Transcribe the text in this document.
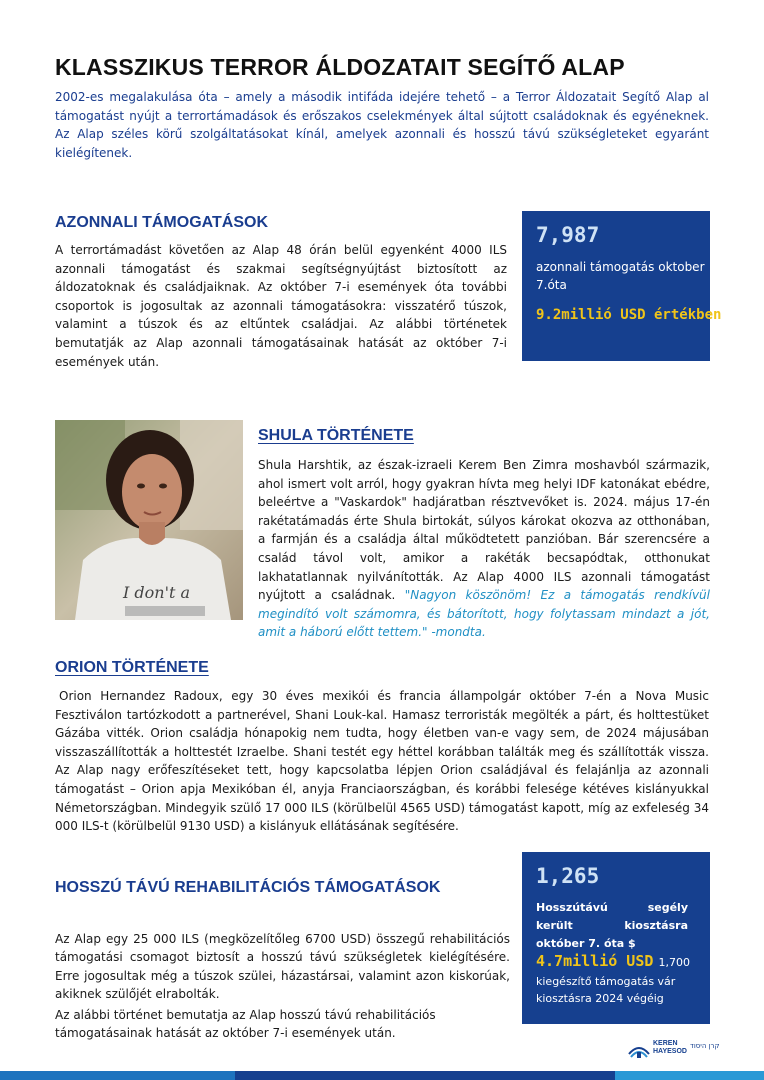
KLASSZIKUS TERROR ÁLDOZATAIT SEGÍTŐ ALAP

2002-es megalakulása óta – amely a második intifáda idejére tehető – a Terror Áldozatait Segítő Alap al támogatást nyújt a terrortámadások és erőszakos cselekmények által sújtott családoknak és egyéneknek. Az Alap széles körű szolgáltatásokat kínál, amelyek azonnali és hosszú távú szükségleteket egyaránt kielégítenek.

AZONNALI TÁMOGATÁSOK

A terrortámadást követően az Alap 48 órán belül egyenként 4000 ILS azonnali támogatást és szakmai segítségnyújtást biztosított az áldozatoknak és családjaiknak. Az október 7-i események óta további csoportok is jogosultak az azonnali támogatásokra: visszatérő túszok, valamint a túszok és az eltűntek családjai. Az alábbi történetek bemutatják az Alap azonnali támogatásainak hatását az október 7-i események után.

7,987
azonnali támogatás oktober 7.óta
9.2millió USD értékben
I don't a
SHULA TÖRTÉNETE

Shula Harshtik, az észak-izraeli Kerem Ben Zimra moshavból származik, ahol ismert volt arról, hogy gyakran hívta meg helyi IDF katonákat ebédre, beleértve a "Vaskardok" hadjáratban résztvevőket is. 2024. május 17-én rakétatámadás érte Shula birtokát, súlyos károkat okozva az otthonában, a farmján és a családja által működtetett panzióban. Bár szerencsére a család távol volt, amikor a rakéták becsapódtak, otthonukat lakhatatlannak nyilvánították. Az Alap 4000 ILS azonnali támogatást nyújtott a családnak. "Nagyon köszönöm! Ez a támogatás rendkívül megindító volt számomra, és bátorított, hogy folytassam mindazt a jót, amit a háború előtt tettem." -mondta.

ORION TÖRTÉNETE

Orion Hernandez Radoux, egy 30 éves mexikói és francia állampolgár október 7-én a Nova Music Fesztiválon tartózkodott a partnerével, Shani Louk-kal. Hamasz terroristák megölték a párt, és holttestüket Gázába vitték. Orion családja hónapokig nem tudta, hogy életben van-e vagy sem, de 2024 májusában visszaszállították a holttestét Izraelbe. Shani testét egy héttel korábban találták meg és szállították vissza. Az Alap nagy erőfeszítéseket tett, hogy kapcsolatba lépjen Orion családjával és felajánlja az azonnali támogatást – Orion apja Mexikóban él, anyja Franciaországban, és korábbi felesége kétéves kislányukkal Németországban. Mindegyik szülő 17 000 ILS (körülbelül 4565 USD) támogatást kapott, míg az exfeleség 34 000 ILS-t (körülbelül 9130 USD) a kislányuk ellátásának segítésére.

HOSSZÚ TÁVÚ REHABILITÁCIÓS TÁMOGATÁSOK

Az Alap egy 25 000 ILS (megközelítőleg 6700 USD) összegű rehabilitációs támogatási csomagot biztosít a hosszú távú szükségletek kielégítésére. Erre jogosultak még a túszok szülei, házastársai, valamint azon kiskorúak, akiknek szülőjét elrabolták.

Az alábbi történet bemutatja az Alap hosszú távú rehabilitációs támogatásainak hatását az október 7-i események után.

1,265
Hosszútávú segély került kiosztásra október 7. óta $
4.7millió USD 1,700
kiegészítő támogatás vár kiosztásra 2024 végéig
KEREN
HAYESOD
קרן היסוד
